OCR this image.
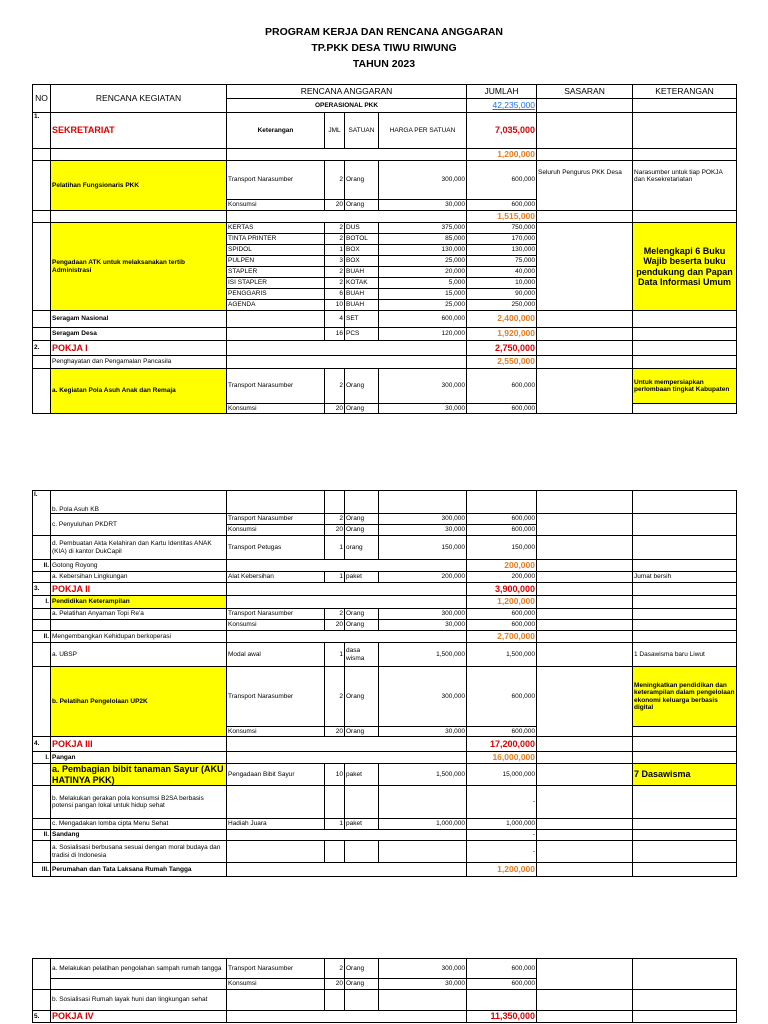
PROGRAM KERJA DAN RENCANA ANGGARAN
TP.PKK DESA TIWU RIWUNG
TAHUN 2023
NO	RENCANA KEGIATAN	RENCANA ANGGARAN				JUMLAH	SASARAN	KETERANGAN
		OPERASIONAL PKK				42,235,000		
1.	SEKRETARIAT	Keterangan	JML	SATUAN	HARGA PER SATUAN	7,035,000		
						1,200,000		
	Pelatihan Fungsionaris PKK	Transport Narasumber	2	Orang	300,000	600,000	Seluruh Pengurus PKK Desa	Narasumber untuk tiap POKJA dan Kesekretariatan
		Konsumsi	20	Orang	30,000	600,000		
						1,515,000		
	Pengadaan ATK untuk melaksanakan tertib Administrasi	KERTAS	2	DUS	375,000	750,000		Melengkapi 6 Buku Wajib beserta buku pendukung dan Papan Data Informasi Umum
		TINTA PRINTER	2	BOTOL	85,000	170,000		
		SPIDOL	1	BOX	130,000	130,000		
		PULPEN	3	BOX	25,000	75,000		
		STAPLER	2	BUAH	20,000	40,000		
		ISI STAPLER	2	KOTAK	5,000	10,000		
		PENGGARIS	6	BUAH	15,000	90,000		
		AGENDA	10	BUAH	25,000	250,000		
	Seragam Nasional		4	SET	600,000	2,400,000		
	Seragam Desa		16	PCS	120,000	1,920,000		
2.	POKJA I					2,750,000		
	Penghayatan dan Pengamalan Pancasila					2,550,000		
	a. Kegiatan Pola Asuh Anak dan Remaja	Transport Narasumber	2	Orang	300,000	600,000		Untuk mempersiapkan perlombaan tingkat Kabupaten
		Konsumsi	20	Orang	30,000	600,000		
I.	b. Pola Asuh KB							
	c. Penyuluhan PKDRT	Transport Narasumber	2	Orang	300,000	600,000		
		Konsumsi	20	Orang	30,000	600,000		
	d. Pembuatan Akta Kelahiran dan Kartu Identitas ANAK (KIA) di kantor DukCapil	Transport Petugas	1	orang	150,000	150,000		
II.	Gotong Royong					200,000		
	a. Kebersihan Lingkungan	Alat Kebersihan	1	paket	200,000	200,000		Jumat bersih
3.	POKJA II					3,900,000		
I.	Pendidikan Keterampilan					1,200,000		
	a. Pelatihan Anyaman Topi Re'a	Transport Narasumber	2	Orang	300,000	600,000		
		Konsumsi	20	Orang	30,000	600,000		
II.	Mengembangkan Kehidupan berkoperasi					2,700,000		
	a. UBSP	Modal awal	1	dasa wisma	1,500,000	1,500,000		1 Dasawisma baru Liwut
	b. Pelatihan Pengelolaan UP2K	Transport Narasumber	2	Orang	300,000	600,000		Meningkatkan pendidikan dan keterampilan dalam pengelolaan ekonomi keluarga berbasis digital
		Konsumsi	20	Orang	30,000	600,000		
4.	POKJA III					17,200,000		
I.	Pangan					16,000,000		
	a. Pembagian bibit tanaman Sayur (AKU HATINYA PKK)	Pengadaan Bibit Sayur	10	paket	1,500,000	15,000,000		7 Dasawisma
	b. Melakukan gerakan pola konsumsi B2SA berbasis potensi pangan lokal untuk hidup sehat					-		
	c. Mengadakan lomba cipta Menu Sehat	Hadiah Juara	1	paket	1,000,000	1,000,000		
II.	Sandang					-		
	a. Sosialisasi berbusana sesuai dengan moral budaya dan tradisi di Indonesia					-		
III.	Perumahan dan Tata Laksana Rumah Tangga					1,200,000		
	a. Melakukan pelatihan pengolahan sampah rumah tangga	Transport Narasumber	2	Orang	300,000	600,000		
		Konsumsi	20	Orang	30,000	600,000		
	b. Sosialisasi Rumah layak huni dan lingkungan sehat							
5.	POKJA IV					11,350,000		
